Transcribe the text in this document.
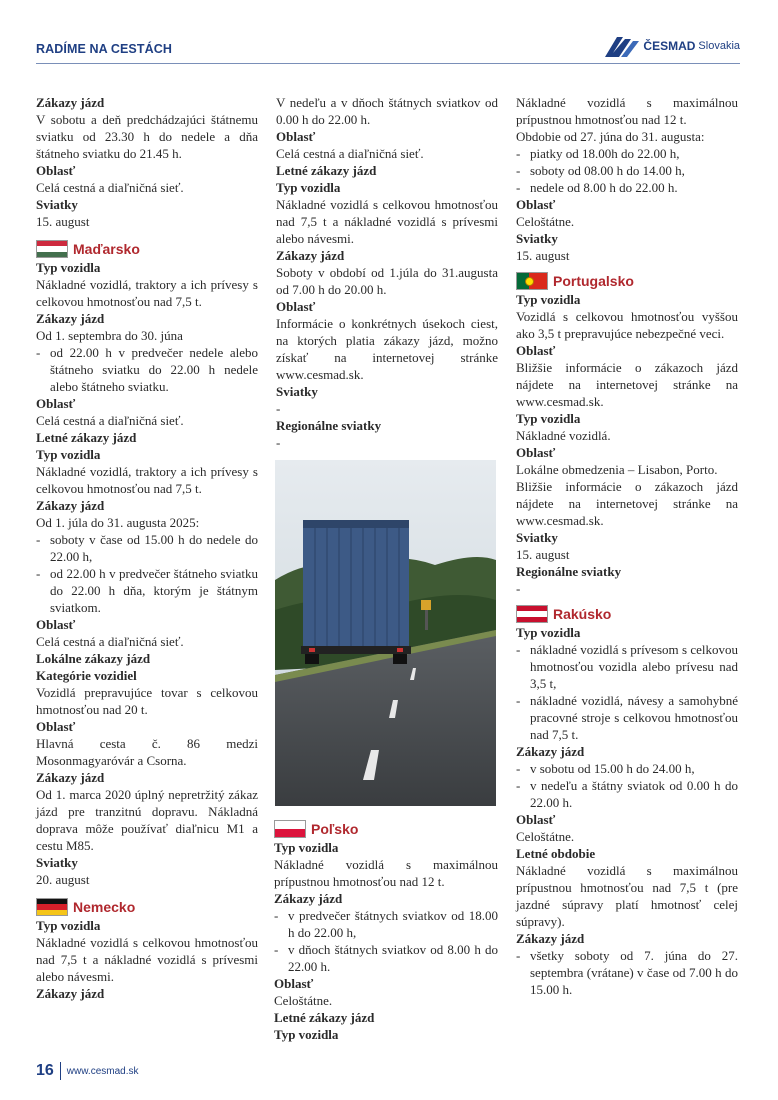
RADÍME NA CESTÁCH	ČESMAD Slovakia
Zákazy jázd
V sobotu a deň predchádzajúci štátnemu sviatku od 23.30 h do nedele a dňa štátneho sviatku do 21.45 h.
Oblasť
Celá cestná a diaľničná sieť.
Sviatky
15. august
Maďarsko
Typ vozidla
Nákladné vozidlá, traktory a ich prívesy s celkovou hmotnosťou nad 7,5 t.
Zákazy jázd
Od 1. septembra do 30. júna
- od 22.00 h v predvečer nedele alebo štátneho sviatku do 22.00 h nedele alebo štátneho sviatku.
Oblasť
Celá cestná a diaľničná sieť.
Letné zákazy jázd
Typ vozidla
Nákladné vozidlá, traktory a ich prívesy s celkovou hmotnosťou nad 7,5 t.
Zákazy jázd
Od 1. júla do 31. augusta 2025:
- soboty v čase od 15.00 h do nedele do 22.00 h,
- od 22.00 h v predvečer štátneho sviatku do 22.00 h dňa, ktorým je štátnym sviatkom.
Oblasť
Celá cestná a diaľničná sieť.
Lokálne zákazy jázd
Kategórie vozidiel
Vozidlá prepravujúce tovar s celkovou hmotnosťou nad 20 t.
Oblasť
Hlavná cesta č. 86 medzi Mosonmagyaróvár a Csorna.
Zákazy jázd
Od 1. marca 2020 úplný nepretržitý zákaz jázd pre tranzitnú dopravu. Nákladná doprava môže používať diaľnicu M1 a cestu M85.
Sviatky
20. august
Nemecko
Typ vozidla
Nákladné vozidlá s celkovou hmotnosťou nad 7,5 t a nákladné vozidlá s prívesmi alebo návesmi.
Zákazy jázd
V nedeľu a v dňoch štátnych sviatkov od 0.00 h do 22.00 h.
Oblasť
Celá cestná a diaľničná sieť.
Letné zákazy jázd
Typ vozidla
Nákladné vozidlá s celkovou hmotnosťou nad 7,5 t a nákladné vozidlá s prívesmi alebo návesmi.
Zákazy jázd
Soboty v období od 1.júla do 31.augusta od 7.00 h do 20.00 h.
Oblasť
Informácie o konkrétnych úsekoch ciest, na ktorých platia zákazy jázd, možno získať na internetovej stránke www.cesmad.sk.
Sviatky
-
Regionálne sviatky
-
Poľsko
Typ vozidla
Nákladné vozidlá s maximálnou prípustnou hmotnosťou nad 12 t.
Zákazy jázd
- v predvečer štátnych sviatkov od 18.00 h do 22.00 h,
- v dňoch štátnych sviatkov od 8.00 h do 22.00 h.
Oblasť
Celoštátne.
Letné zákazy jázd
Typ vozidla
Nákladné vozidlá s maximálnou prípustnou hmotnosťou nad 12 t.
Obdobie od 27. júna do 31. augusta:
- piatky od 18.00h do 22.00 h,
- soboty od 08.00 h do 14.00 h,
- nedele od 8.00 h do 22.00 h.
Oblasť
Celoštátne.
Sviatky
15. august
Portugalsko
Typ vozidla
Vozidlá s celkovou hmotnosťou vyššou ako 3,5 t prepravujúce nebezpečné veci.
Oblasť
Bližšie informácie o zákazoch jázd nájdete na internetovej stránke na www.cesmad.sk.
Typ vozidla
Nákladné vozidlá.
Oblasť
Lokálne obmedzenia – Lisabon, Porto.
Bližšie informácie o zákazoch jázd nájdete na internetovej stránke na www.cesmad.sk.
Sviatky
15. august
Regionálne sviatky
-
Rakúsko
Typ vozidla
- nákladné vozidlá s prívesom s celkovou hmotnosťou vozidla alebo prívesu nad 3,5 t,
- nákladné vozidlá, návesy a samohybné pracovné stroje s celkovou hmotnosťou nad 7,5 t.
Zákazy jázd
- v sobotu od 15.00 h do 24.00 h,
- v nedeľu a štátny sviatok od 0.00 h do 22.00 h.
Oblasť
Celoštátne.
Letné obdobie
Nákladné vozidlá s maximálnou prípustnou hmotnosťou nad 7,5 t (pre jazdné súpravy platí hmotnosť celej súpravy).
Zákazy jázd
- všetky soboty od 7. júna do 27. septembra (vrátane) v čase od 7.00 h do 15.00 h.
16 www.cesmad.sk
